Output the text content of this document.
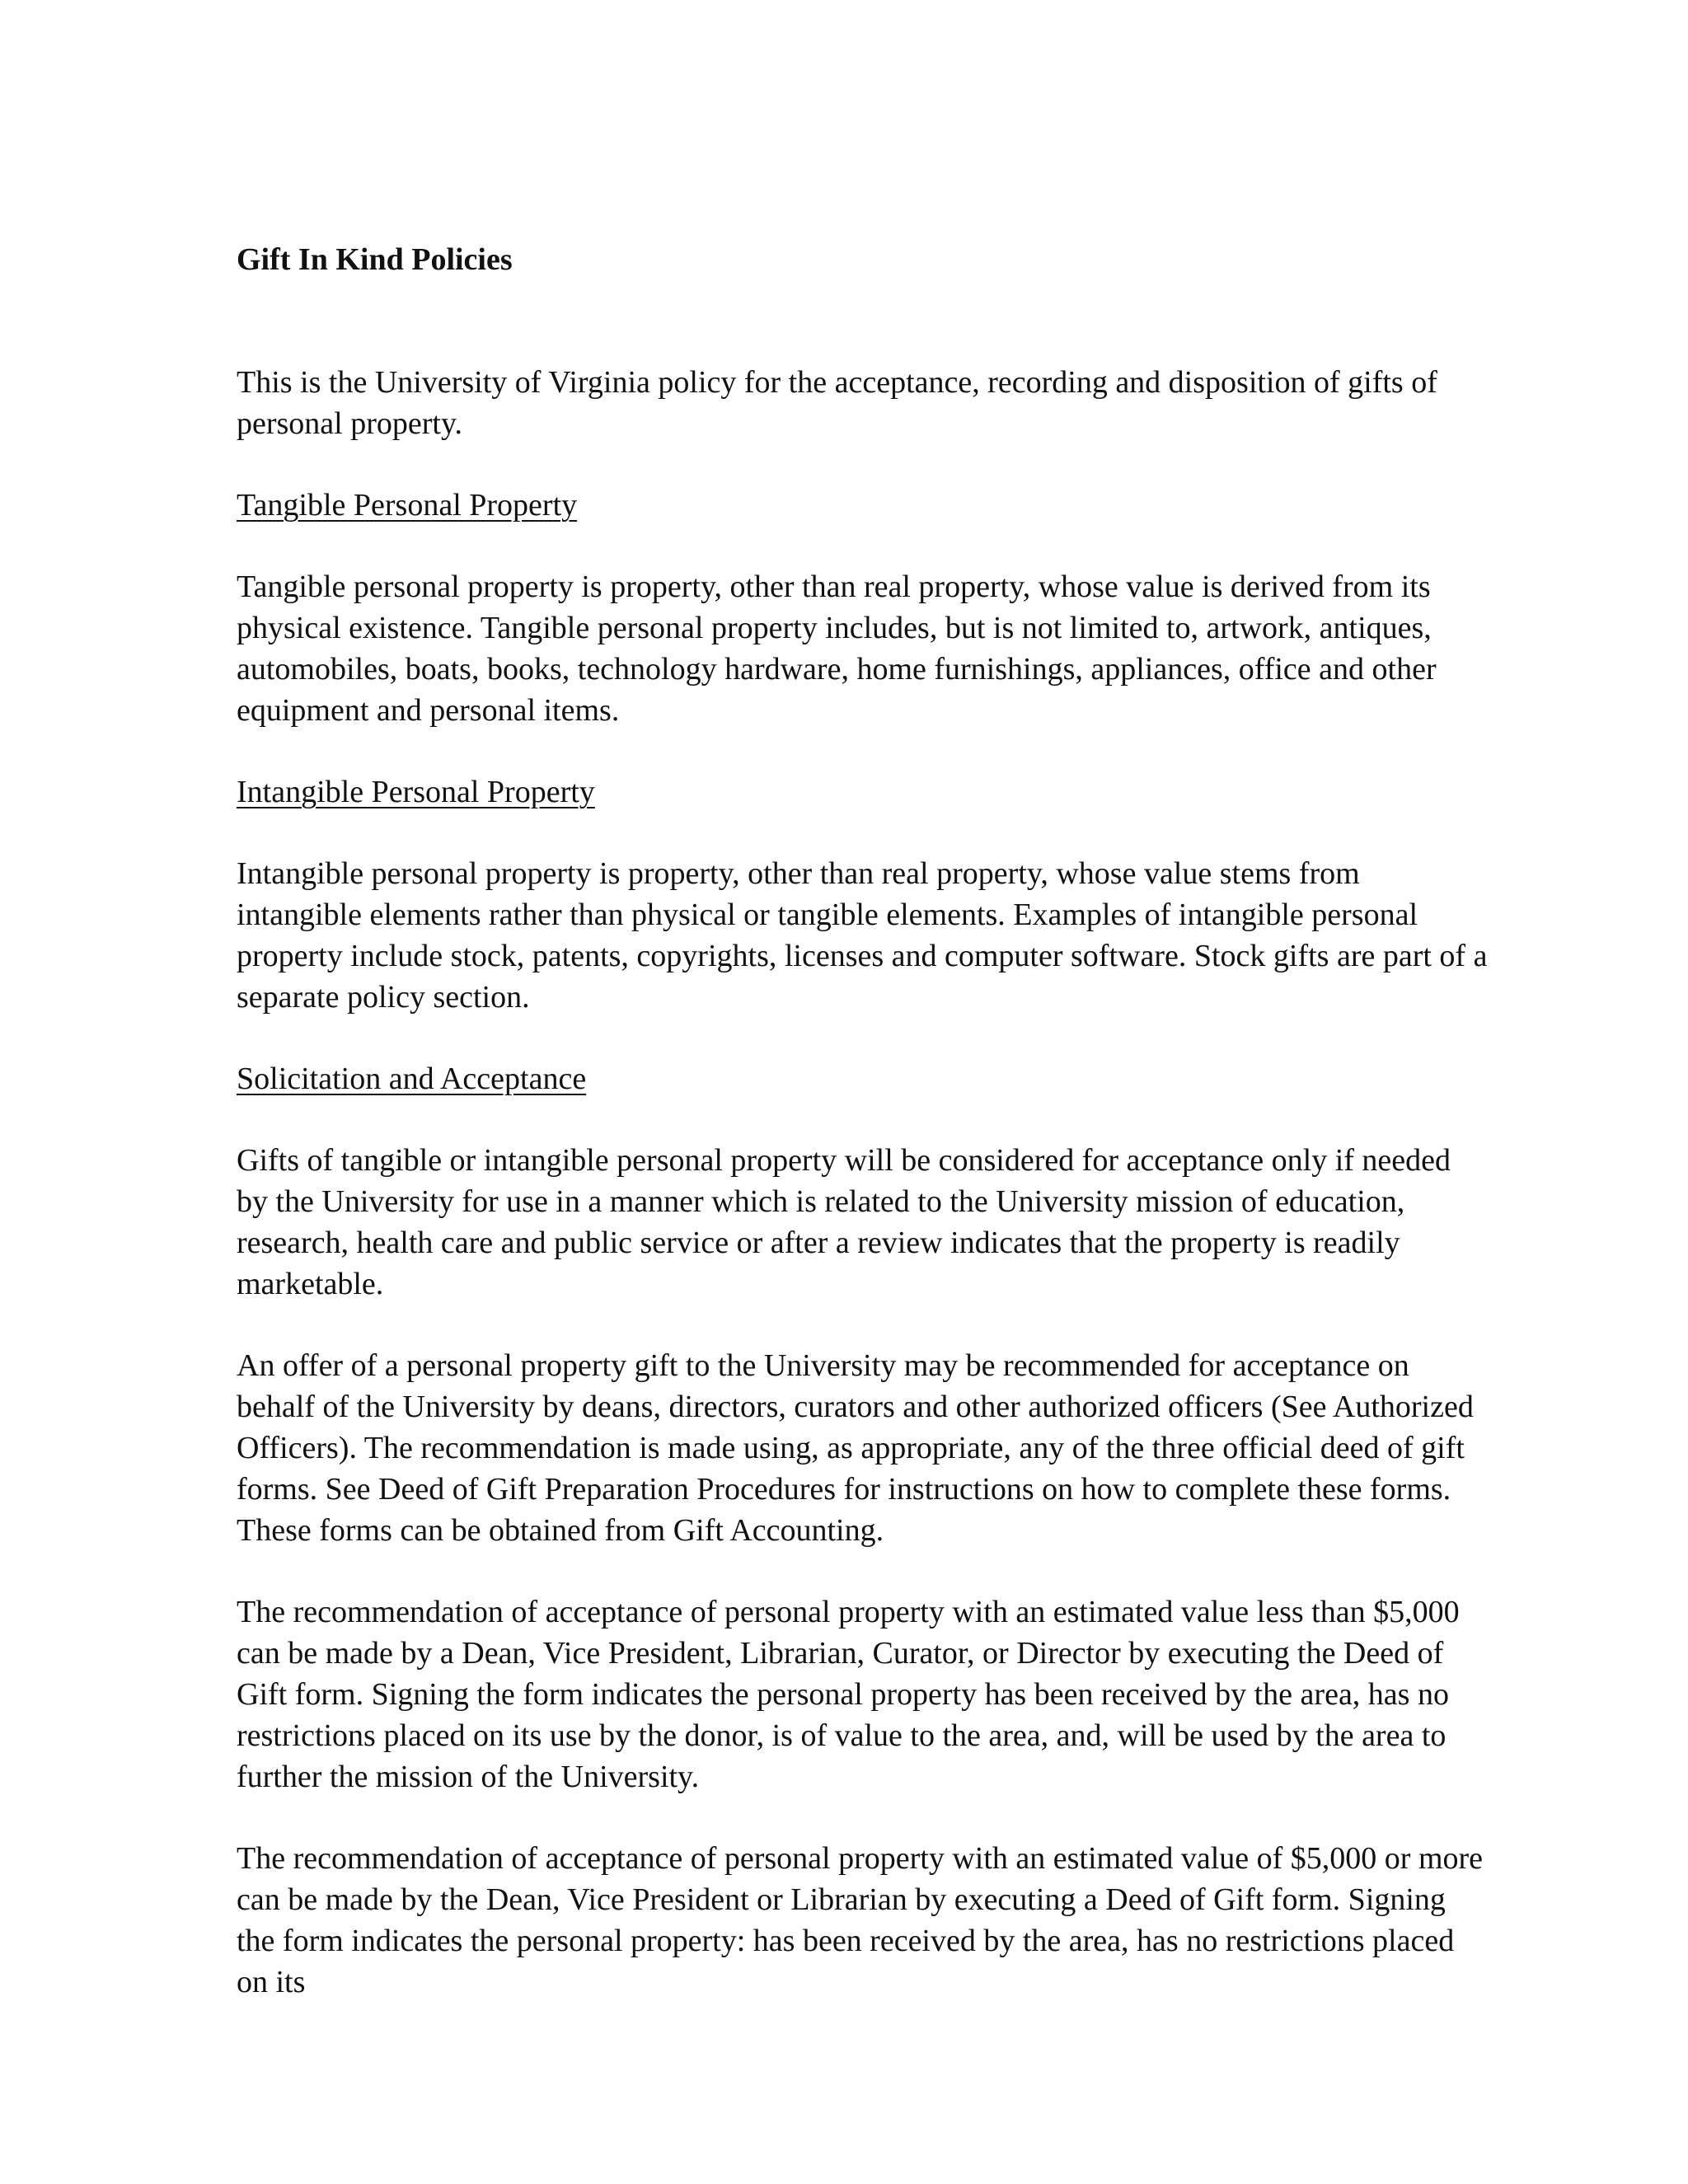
Gift In Kind Policies

This is the University of Virginia policy for the acceptance, recording and disposition of gifts of personal property.

Tangible Personal Property

Tangible personal property is property, other than real property, whose value is derived from its physical existence. Tangible personal property includes, but is not limited to, artwork, antiques, automobiles, boats, books, technology hardware, home furnishings, appliances, office and other equipment and personal items.

Intangible Personal Property

Intangible personal property is property, other than real property, whose value stems from intangible elements rather than physical or tangible elements. Examples of intangible personal property include stock, patents, copyrights, licenses and computer software. Stock gifts are part of a separate policy section.

Solicitation and Acceptance

Gifts of tangible or intangible personal property will be considered for acceptance only if needed by the University for use in a manner which is related to the University mission of education, research, health care and public service or after a review indicates that the property is readily marketable.

An offer of a personal property gift to the University may be recommended for acceptance on behalf of the University by deans, directors, curators and other authorized officers (See Authorized Officers). The recommendation is made using, as appropriate, any of the three official deed of gift forms. See Deed of Gift Preparation Procedures for instructions on how to complete these forms. These forms can be obtained from Gift Accounting.

The recommendation of acceptance of personal property with an estimated value less than $5,000 can be made by a Dean, Vice President, Librarian, Curator, or Director by executing the Deed of Gift form. Signing the form indicates the personal property has been received by the area, has no restrictions placed on its use by the donor, is of value to the area, and, will be used by the area to further the mission of the University.

The recommendation of acceptance of personal property with an estimated value of $5,000 or more can be made by the Dean, Vice President or Librarian by executing a Deed of Gift form. Signing the form indicates the personal property: has been received by the area, has no restrictions placed on its
